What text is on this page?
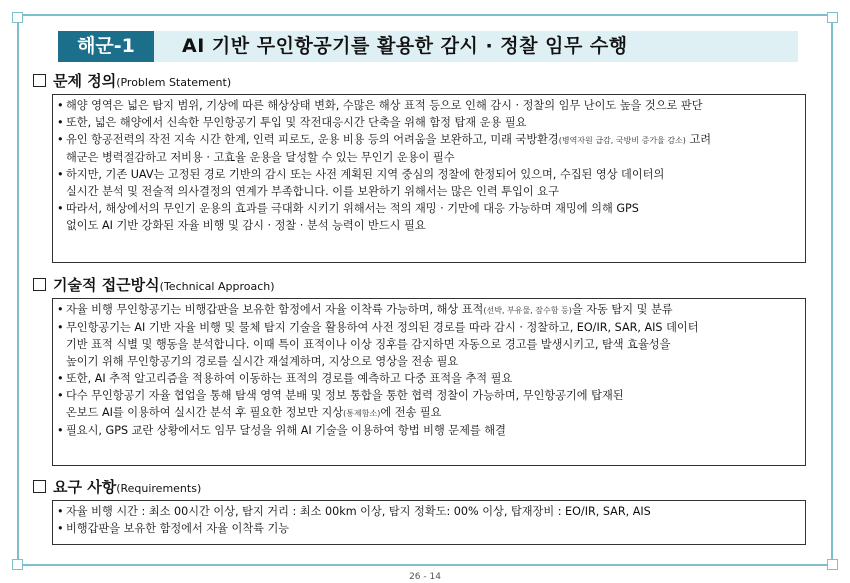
해군-1	AI 기반 무인항공기를 활용한 감시 · 정찰 임무 수행
문제 정의(Problem Statement)
• 해양 영역은 넓은 탐지 범위, 기상에 따른 해상상태 변화, 수많은 해상 표적 등으로 인해 감시 · 정찰의 임무 난이도 높을 것으로 판단
• 또한, 넓은 해양에서 신속한 무인항공기 투입 및 작전대응시간 단축을 위해 함정 탑재 운용 필요
• 유인 항공전력의 작전 지속 시간 한계, 인력 피로도, 운용 비용 등의 어려움을 보완하고, 미래 국방환경(병역자원 급감, 국방비 증가율 감소) 고려
해군은 병력절감하고 저비용 · 고효율 운용을 달성할 수 있는 무인기 운용이 필수
• 하지만, 기존 UAV는 고정된 경로 기반의 감시 또는 사전 계획된 지역 중심의 정찰에 한정되어 있으며, 수집된 영상 데이터의
실시간 분석 및 전술적 의사결정의 연계가 부족합니다. 이를 보완하기 위해서는 많은 인력 투입이 요구
• 따라서, 해상에서의 무인기 운용의 효과를 극대화 시키기 위해서는 적의 재밍 · 기만에 대응 가능하며 재밍에 의해 GPS
없이도 AI 기반 강화된 자율 비행 및 감시 · 정찰 · 분석 능력이 반드시 필요
기술적 접근방식(Technical Approach)
• 자율 비행 무인항공기는 비행갑판을 보유한 함정에서 자율 이착륙 가능하며, 해상 표적(선박, 부유물, 잠수함 등)을 자동 탐지 및 분류
• 무인항공기는 AI 기반 자율 비행 및 물체 탐지 기술을 활용하여 사전 정의된 경로를 따라 감시 · 정찰하고, EO/IR, SAR, AIS 데이터
기반 표적 식별 및 행동을 분석합니다. 이때 특이 표적이나 이상 징후를 감지하면 자동으로 경고를 발생시키고, 탐색 효율성을
높이기 위해 무인항공기의 경로를 실시간 재설계하며, 지상으로 영상을 전송 필요
• 또한, AI 추적 알고리즘을 적용하여 이동하는 표적의 경로를 예측하고 다중 표적을 추적 필요
• 다수 무인항공기 자율 협업을 통해 탐색 영역 분배 및 정보 통합을 통한 협력 정찰이 가능하며, 무인항공기에 탑재된
온보드 AI를 이용하여 실시간 분석 후 필요한 정보만 지상(통제함소)에 전송 필요
• 필요시, GPS 교란 상황에서도 임무 달성을 위해 AI 기술을 이용하여 항법 비행 문제를 해결
요구 사항(Requirements)
• 자율 비행 시간 : 최소 00시간 이상, 탐지 거리 : 최소 00km 이상, 탐지 정확도: 00% 이상, 탑재장비 : EO/IR, SAR, AIS
• 비행갑판을 보유한 함정에서 자율 이착륙 기능
26 - 14
